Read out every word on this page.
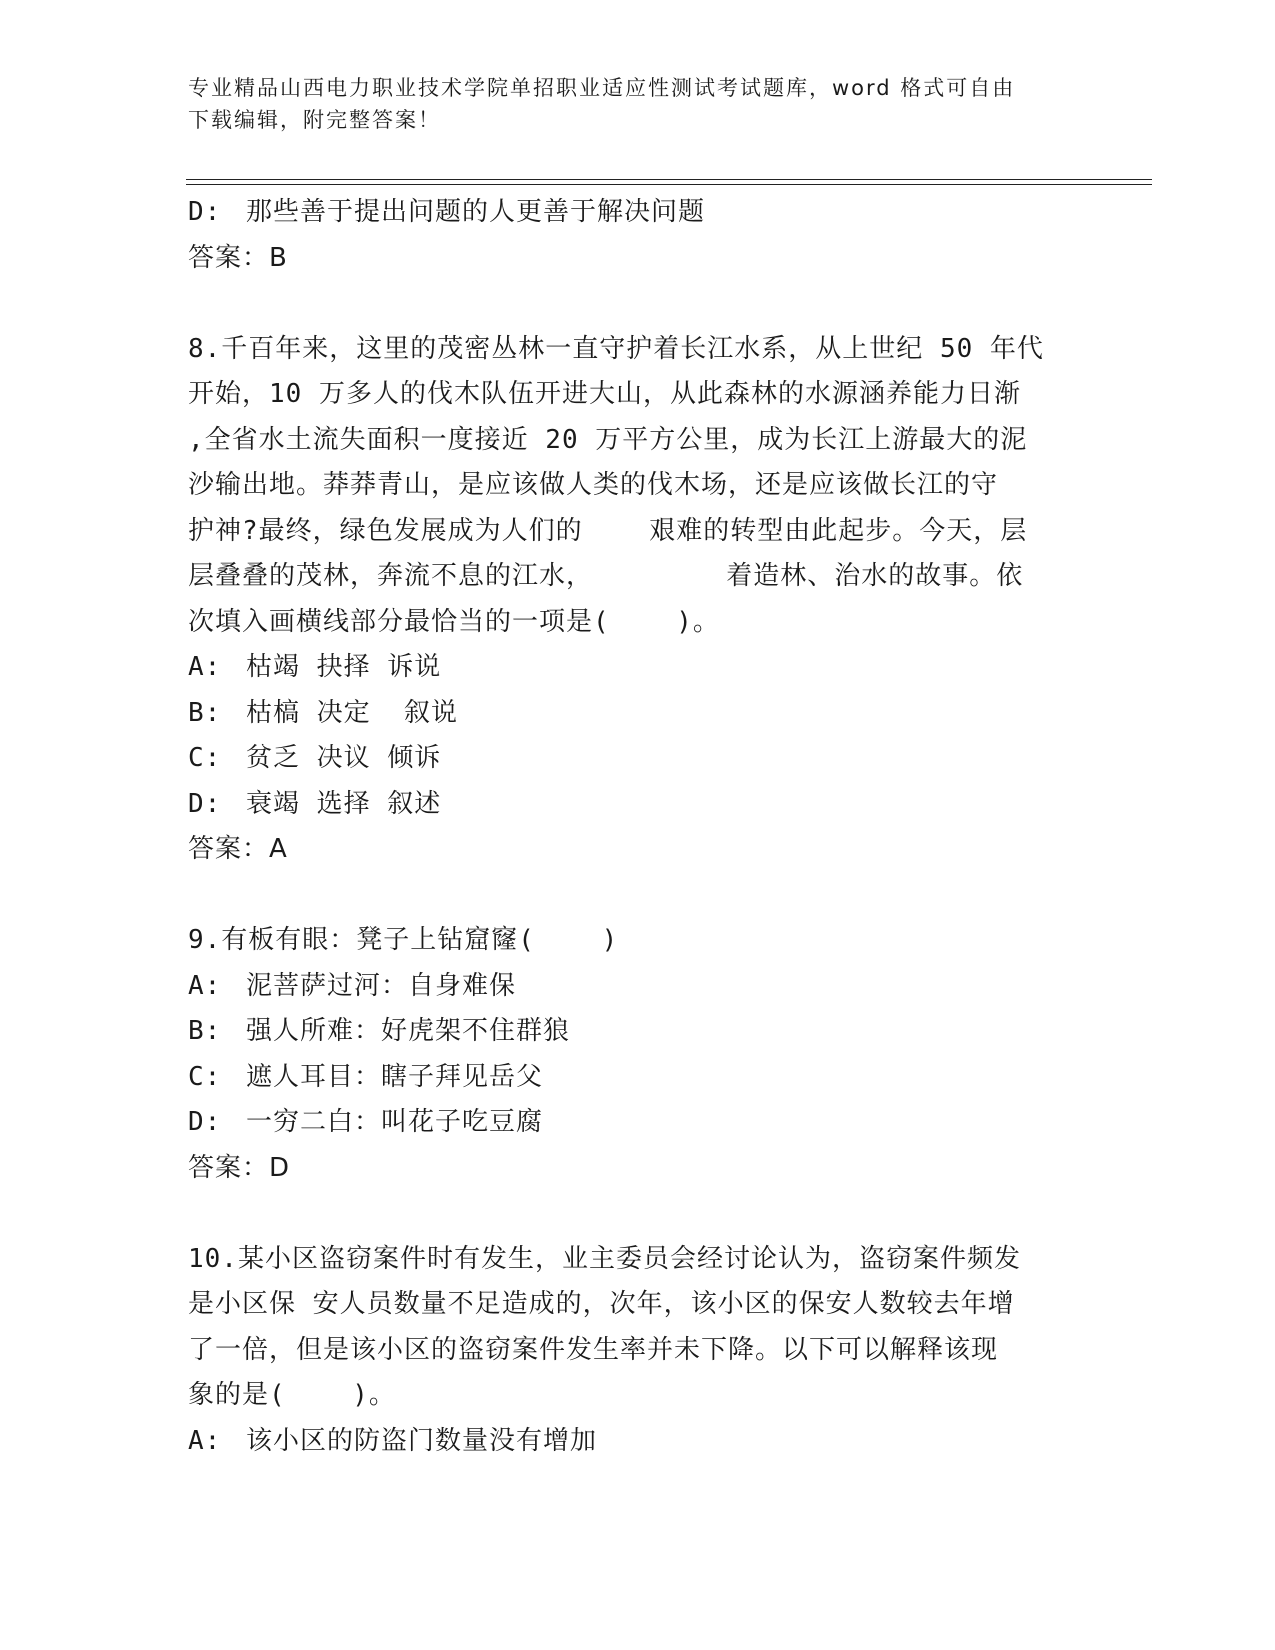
专业精品山西电力职业技术学院单招职业适应性测试考试题库，word 格式可自由
下载编辑，附完整答案！
D: 那些善于提出问题的人更善于解决问题
答案：B
8.千百年来，这里的茂密丛林一直守护着长江水系，从上世纪 50 年代
开始，10 万多人的伐木队伍开进大山，从此森林的水源涵养能力日渐
,全省水土流失面积一度接近 20 万平方公里，成为长江上游最大的泥
沙输出地。莽莽青山，是应该做人类的伐木场，还是应该做长江的守
护神?最终，绿色发展成为人们的    艰难的转型由此起步。今天，层
层叠叠的茂林，奔流不息的江水，        着造林、治水的故事。依
次填入画横线部分最恰当的一项是(    )。
A: 枯竭 抉择 诉说
B: 枯槁 决定  叙说
C: 贫乏 决议 倾诉
D: 衰竭 选择 叙述
答案：A
9.有板有眼：凳子上钻窟窿(    )
A: 泥菩萨过河：自身难保
B: 强人所难：好虎架不住群狼
C: 遮人耳目：瞎子拜见岳父
D: 一穷二白：叫花子吃豆腐
答案：D
10.某小区盗窃案件时有发生，业主委员会经讨论认为，盗窃案件频发
是小区保 安人员数量不足造成的，次年，该小区的保安人数较去年增
了一倍，但是该小区的盗窃案件发生率并未下降。以下可以解释该现
象的是(    )。
A: 该小区的防盗门数量没有增加
